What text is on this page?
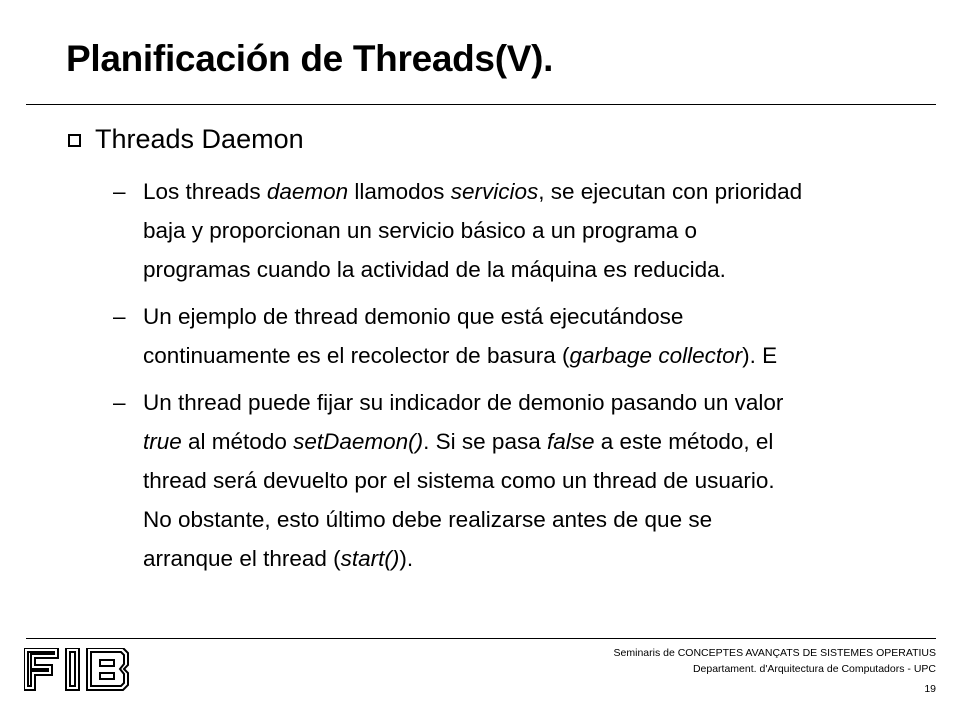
Planificación de Threads(V).
Threads Daemon
– Los threads daemon llamodos servicios, se ejecutan con prioridad
baja y proporcionan un servicio básico a un programa o
programas cuando la actividad de la máquina es reducida.
– Un ejemplo de thread demonio que está ejecutándose
continuamente es el recolector de basura (garbage collector). E
– Un thread puede fijar su indicador de demonio pasando un valor
true al método setDaemon(). Si se pasa false a este método, el
thread será devuelto por el sistema como un thread de usuario.
No obstante, esto último debe realizarse antes de que se
arranque el thread (start()).
Seminaris de CONCEPTES AVANÇATS DE SISTEMES OPERATIUS
Departament. d'Arquitectura de Computadors - UPC
19
